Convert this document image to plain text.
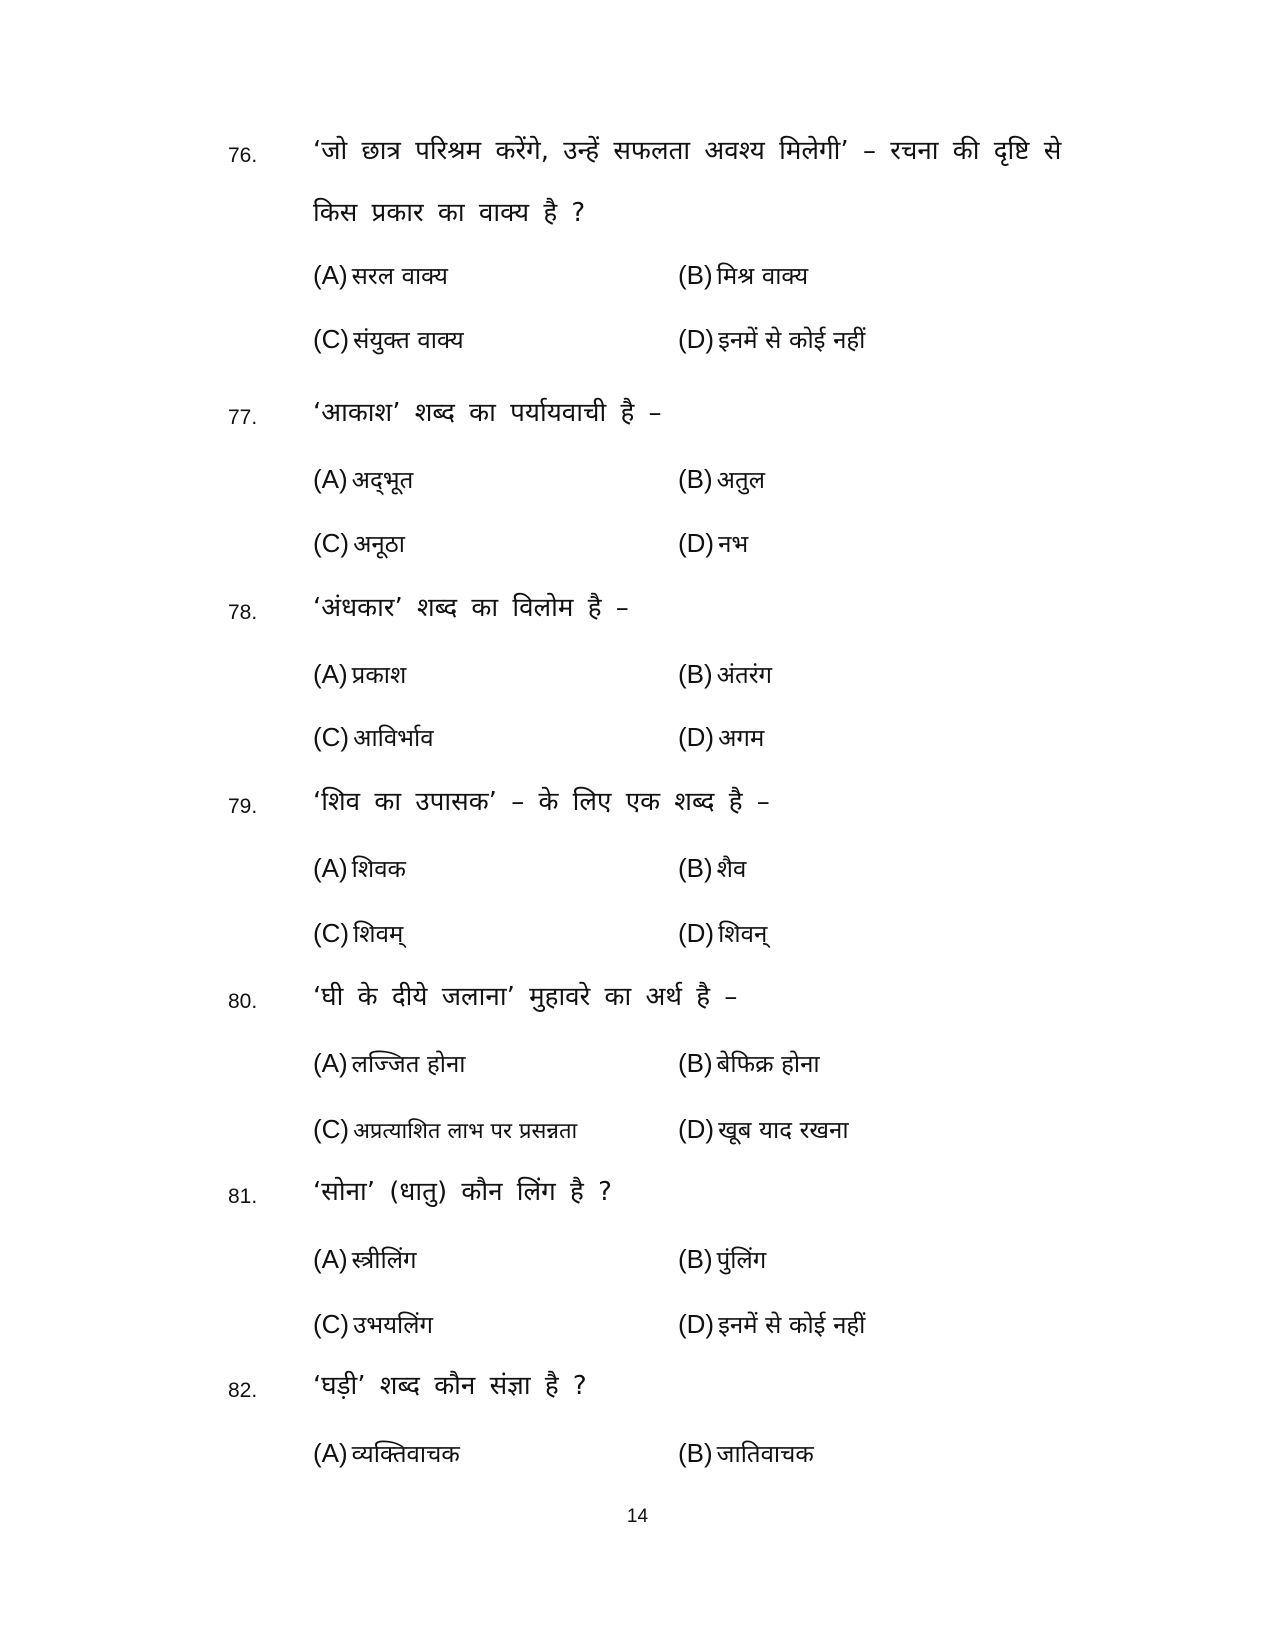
76. ‘जो छात्र परिश्रम करेंगे, उन्हें सफलता अवश्य मिलेगी’ – रचना की दृष्टि से
किस प्रकार का वाक्य है ?
(A) सरल वाक्य	(B) मिश्र वाक्य
(C) संयुक्त वाक्य	(D) इनमें से कोई नहीं
77. ‘आकाश’ शब्द का पर्यायवाची है –
(A) अद्‌भूत	(B) अतुल
(C) अनूठा	(D) नभ
78. ‘अंधकार’ शब्द का विलोम है –
(A) प्रकाश	(B) अंतरंग
(C) आविर्भाव	(D) अगम
79. ‘शिव का उपासक’ – के लिए एक शब्द है –
(A) शिवक	(B) शैव
(C) शिवम्	(D) शिवन्
80. ‘घी के दीये जलाना’ मुहावरे का अर्थ है –
(A) लज्जित होना	(B) बेफिक्र होना
(C) अप्रत्याशित लाभ पर प्रसन्नता	(D) खूब याद रखना
81. ‘सोना’ (धातु) कौन लिंग है ?
(A) स्त्रीलिंग	(B) पुंलिंग
(C) उभयलिंग	(D) इनमें से कोई नहीं
82. ‘घड़ी’ शब्द कौन संज्ञा है ?
(A) व्यक्तिवाचक	(B) जातिवाचक
14
